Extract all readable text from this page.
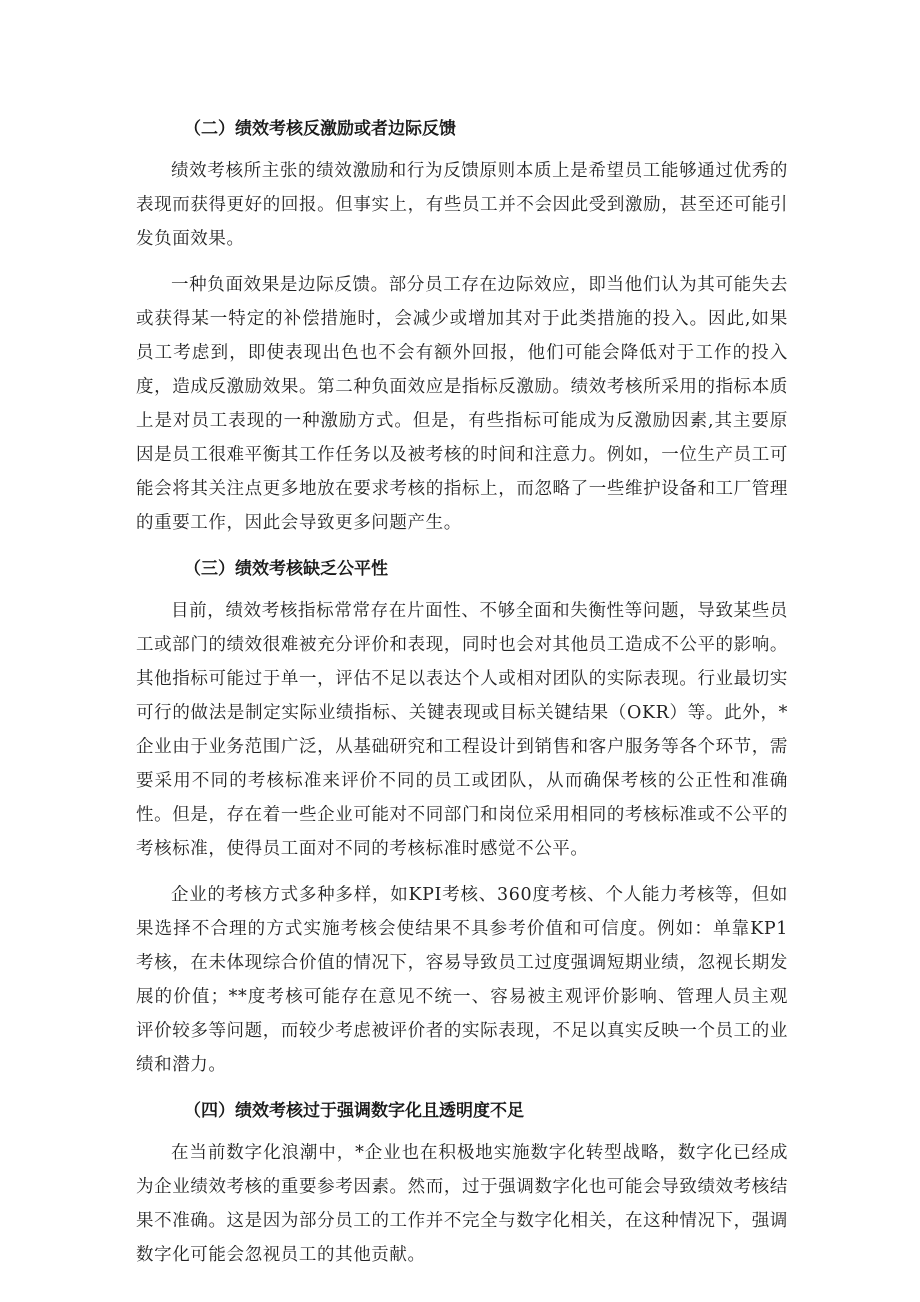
（二）绩效考核反激励或者边际反馈

绩效考核所主张的绩效激励和行为反馈原则本质上是希望员工能够通过优秀的表现而获得更好的回报。但事实上，有些员工并不会因此受到激励，甚至还可能引发负面效果。

一种负面效果是边际反馈。部分员工存在边际效应，即当他们认为其可能失去或获得某一特定的补偿措施时，会减少或增加其对于此类措施的投入。因此,如果员工考虑到，即使表现出色也不会有额外回报，他们可能会降低对于工作的投入度，造成反激励效果。第二种负面效应是指标反激励。绩效考核所采用的指标本质上是对员工表现的一种激励方式。但是，有些指标可能成为反激励因素,其主要原因是员工很难平衡其工作任务以及被考核的时间和注意力。例如，一位生产员工可能会将其关注点更多地放在要求考核的指标上，而忽略了一些维护设备和工厂管理的重要工作，因此会导致更多问题产生。

（三）绩效考核缺乏公平性

目前，绩效考核指标常常存在片面性、不够全面和失衡性等问题，导致某些员工或部门的绩效很难被充分评价和表现，同时也会对其他员工造成不公平的影响。其他指标可能过于单一，评估不足以表达个人或相对团队的实际表现。行业最切实可行的做法是制定实际业绩指标、关键表现或目标关键结果（OKR）等。此外，*企业由于业务范围广泛，从基础研究和工程设计到销售和客户服务等各个环节，需要采用不同的考核标准来评价不同的员工或团队，从而确保考核的公正性和准确性。但是，存在着一些企业可能对不同部门和岗位采用相同的考核标准或不公平的考核标准，使得员工面对不同的考核标准时感觉不公平。

企业的考核方式多种多样，如KPI考核、360度考核、个人能力考核等，但如果选择不合理的方式实施考核会使结果不具参考价值和可信度。例如：单靠KP1考核，在未体现综合价值的情况下，容易导致员工过度强调短期业绩，忽视长期发展的价值；**度考核可能存在意见不统一、容易被主观评价影响、管理人员主观评价较多等问题，而较少考虑被评价者的实际表现，不足以真实反映一个员工的业绩和潜力。

（四）绩效考核过于强调数字化且透明度不足

在当前数字化浪潮中，*企业也在积极地实施数字化转型战略，数字化已经成为企业绩效考核的重要参考因素。然而，过于强调数字化也可能会导致绩效考核结果不准确。这是因为部分员工的工作并不完全与数字化相关，在这种情况下，强调数字化可能会忽视员工的其他贡献。
